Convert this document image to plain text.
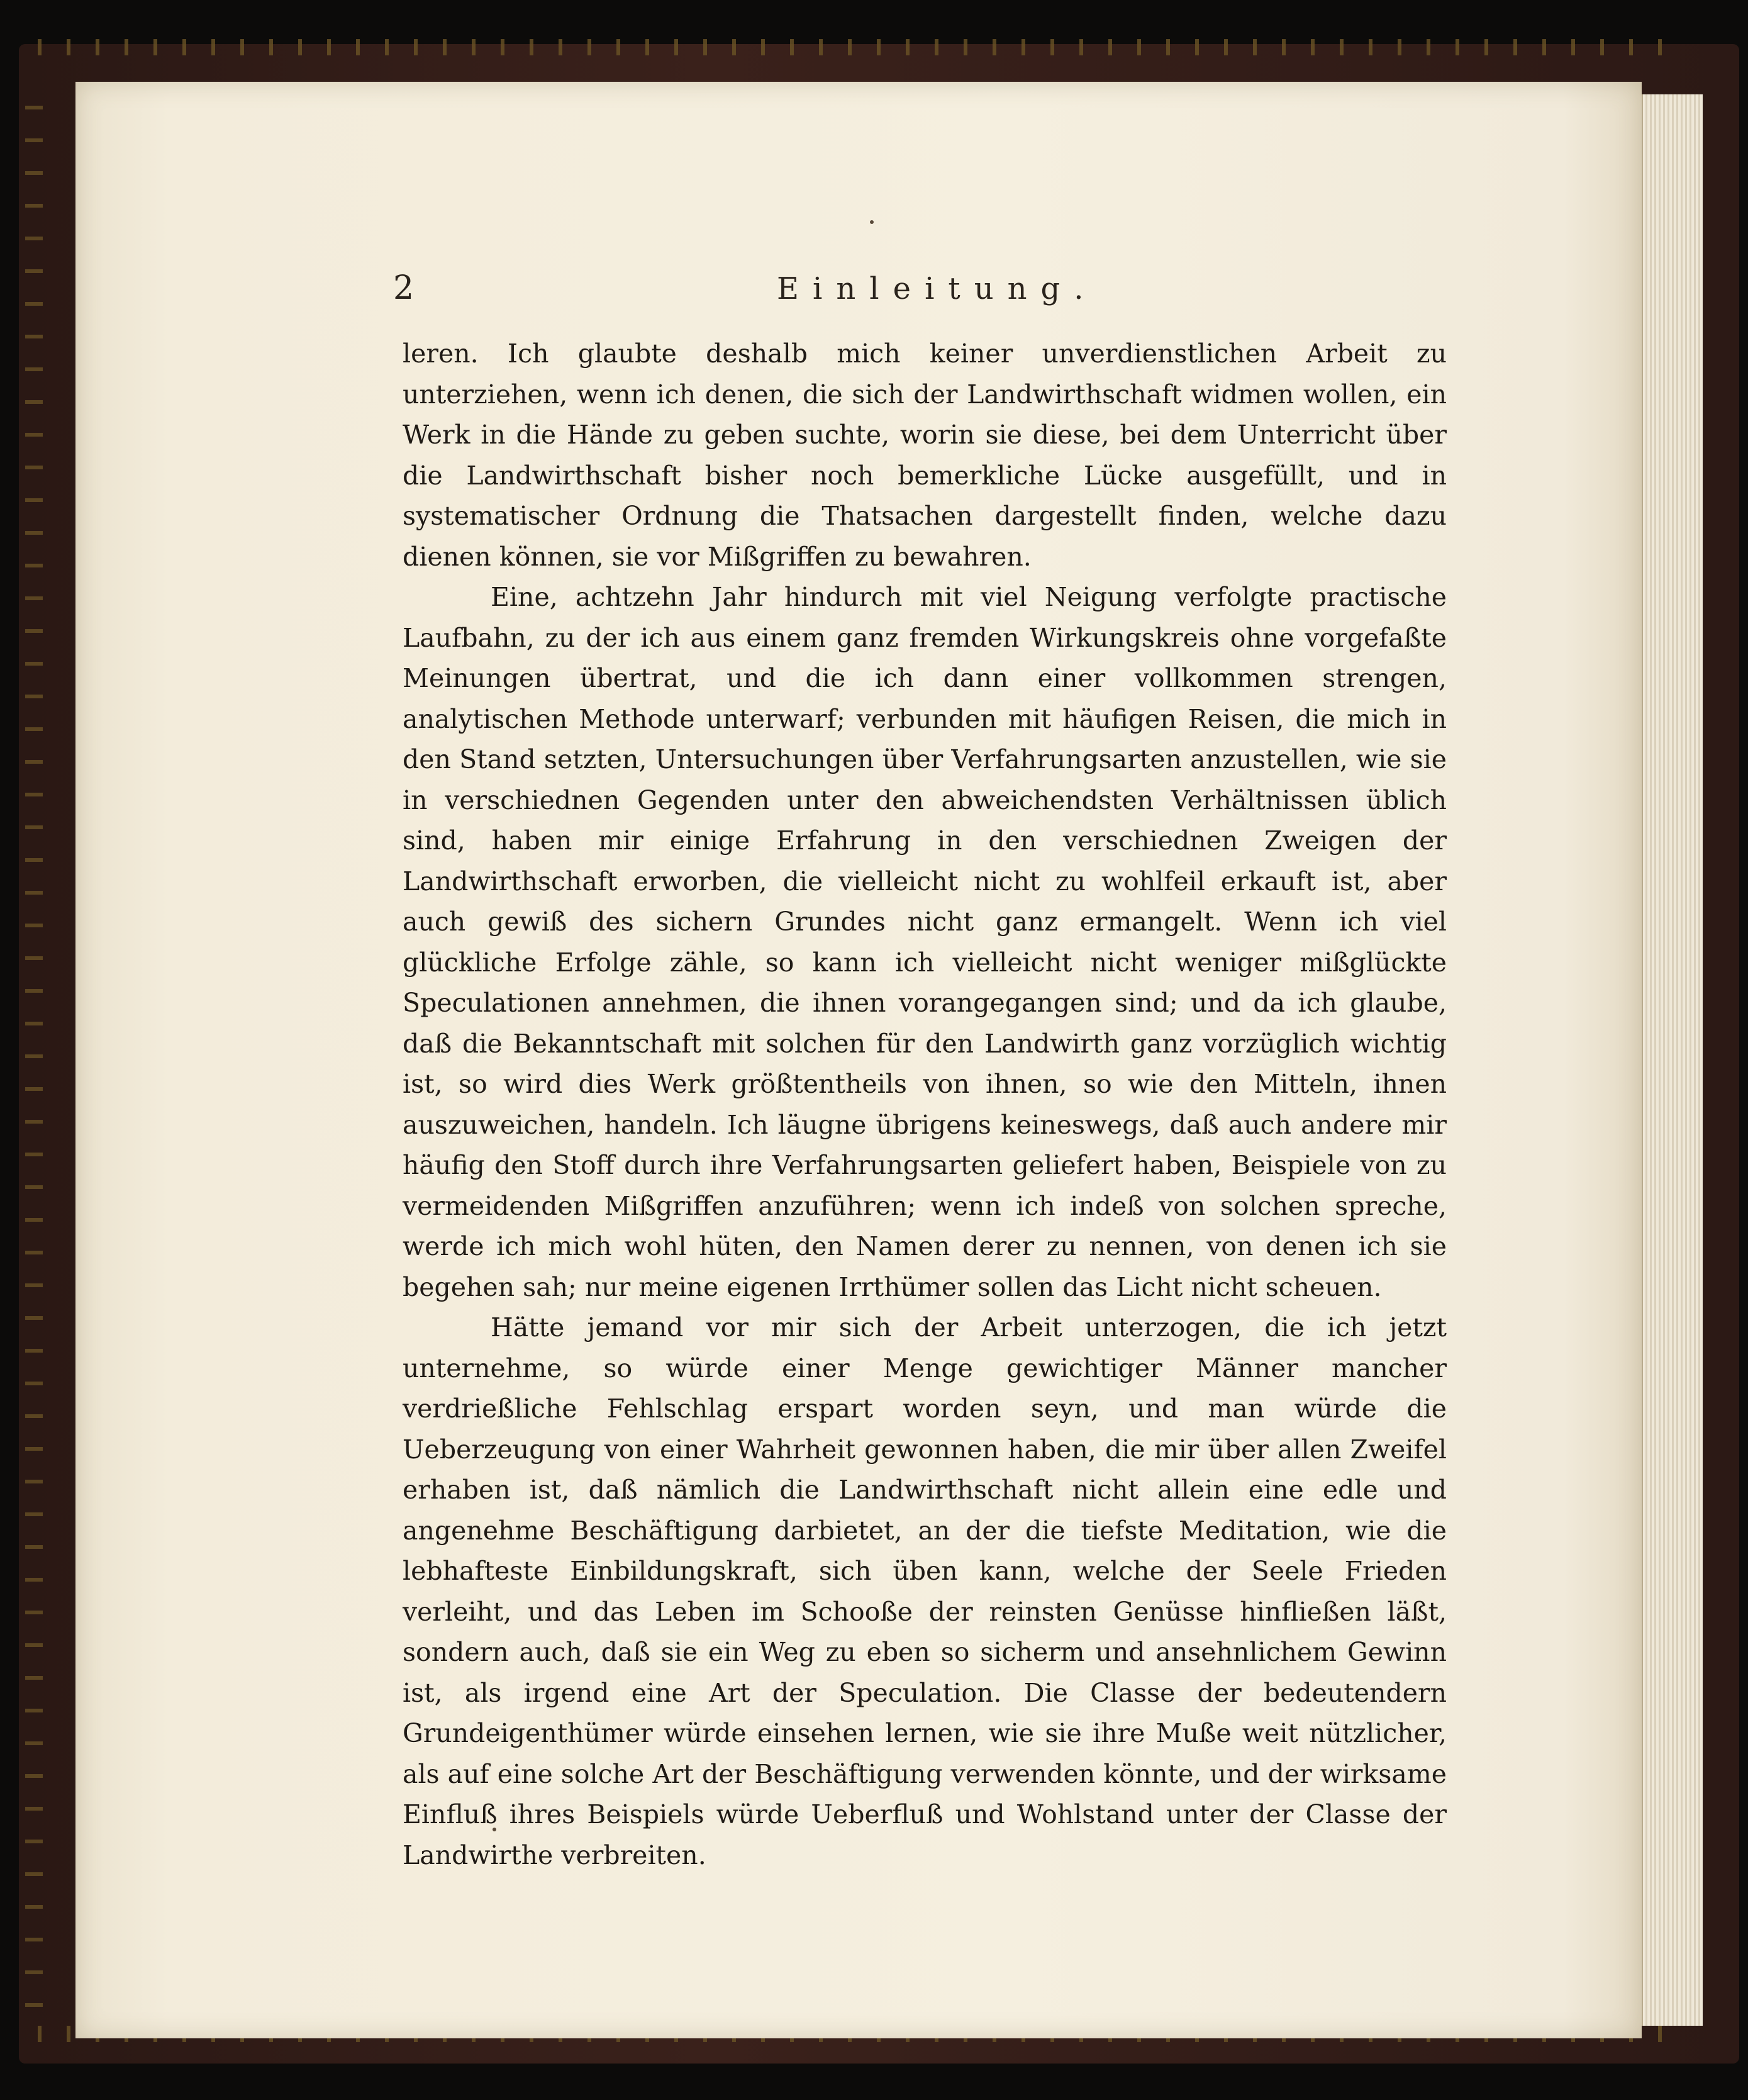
2	Einleitung.

leren. Ich glaubte deshalb mich keiner unverdienstlichen Arbeit zu unterziehen, wenn ich denen, die sich der Landwirthschaft widmen wollen, ein Werk in die Hände zu geben suchte, worin sie diese, bei dem Unterricht über die Landwirthschaft bisher noch bemerkliche Lücke ausgefüllt, und in systematischer Ordnung die Thatsachen dargestellt finden, welche dazu dienen können, sie vor Mißgriffen zu bewahren.

Eine, achtzehn Jahr hindurch mit viel Neigung verfolgte practische Laufbahn, zu der ich aus einem ganz fremden Wirkungskreis ohne vorgefaßte Meinungen übertrat, und die ich dann einer vollkommen strengen, analytischen Methode unterwarf; verbunden mit häufigen Reisen, die mich in den Stand setzten, Untersuchungen über Verfahrungsarten anzustellen, wie sie in verschiednen Gegenden unter den abweichendsten Verhältnissen üblich sind, haben mir einige Erfahrung in den verschiednen Zweigen der Landwirthschaft erworben, die vielleicht nicht zu wohlfeil erkauft ist, aber auch gewiß des sichern Grundes nicht ganz ermangelt. Wenn ich viel glückliche Erfolge zähle, so kann ich vielleicht nicht weniger mißglückte Speculationen annehmen, die ihnen vorangegangen sind; und da ich glaube, daß die Bekanntschaft mit solchen für den Landwirth ganz vorzüglich wichtig ist, so wird dies Werk größtentheils von ihnen, so wie den Mitteln, ihnen auszuweichen, handeln. Ich läugne übrigens keineswegs, daß auch andere mir häufig den Stoff durch ihre Verfahrungsarten geliefert haben, Beispiele von zu vermeidenden Mißgriffen anzuführen; wenn ich indeß von solchen spreche, werde ich mich wohl hüten, den Namen derer zu nennen, von denen ich sie begehen sah; nur meine eigenen Irrthümer sollen das Licht nicht scheuen.

Hätte jemand vor mir sich der Arbeit unterzogen, die ich jetzt unternehme, so würde einer Menge gewichtiger Männer mancher verdrießliche Fehlschlag erspart worden seyn, und man würde die Ueberzeugung von einer Wahrheit gewonnen haben, die mir über allen Zweifel erhaben ist, daß nämlich die Landwirthschaft nicht allein eine edle und angenehme Beschäftigung darbietet, an der die tiefste Meditation, wie die lebhafteste Einbildungskraft, sich üben kann, welche der Seele Frieden verleiht, und das Leben im Schooße der reinsten Genüsse hinfließen läßt, sondern auch, daß sie ein Weg zu eben so sicherm und ansehnlichem Gewinn ist, als irgend eine Art der Speculation. Die Classe der bedeutendern Grundeigenthümer würde einsehen lernen, wie sie ihre Muße weit nützlicher, als auf eine solche Art der Beschäftigung verwenden könnte, und der wirksame Einfluß ihres Beispiels würde Ueberfluß und Wohlstand unter der Classe der Landwirthe verbreiten.
